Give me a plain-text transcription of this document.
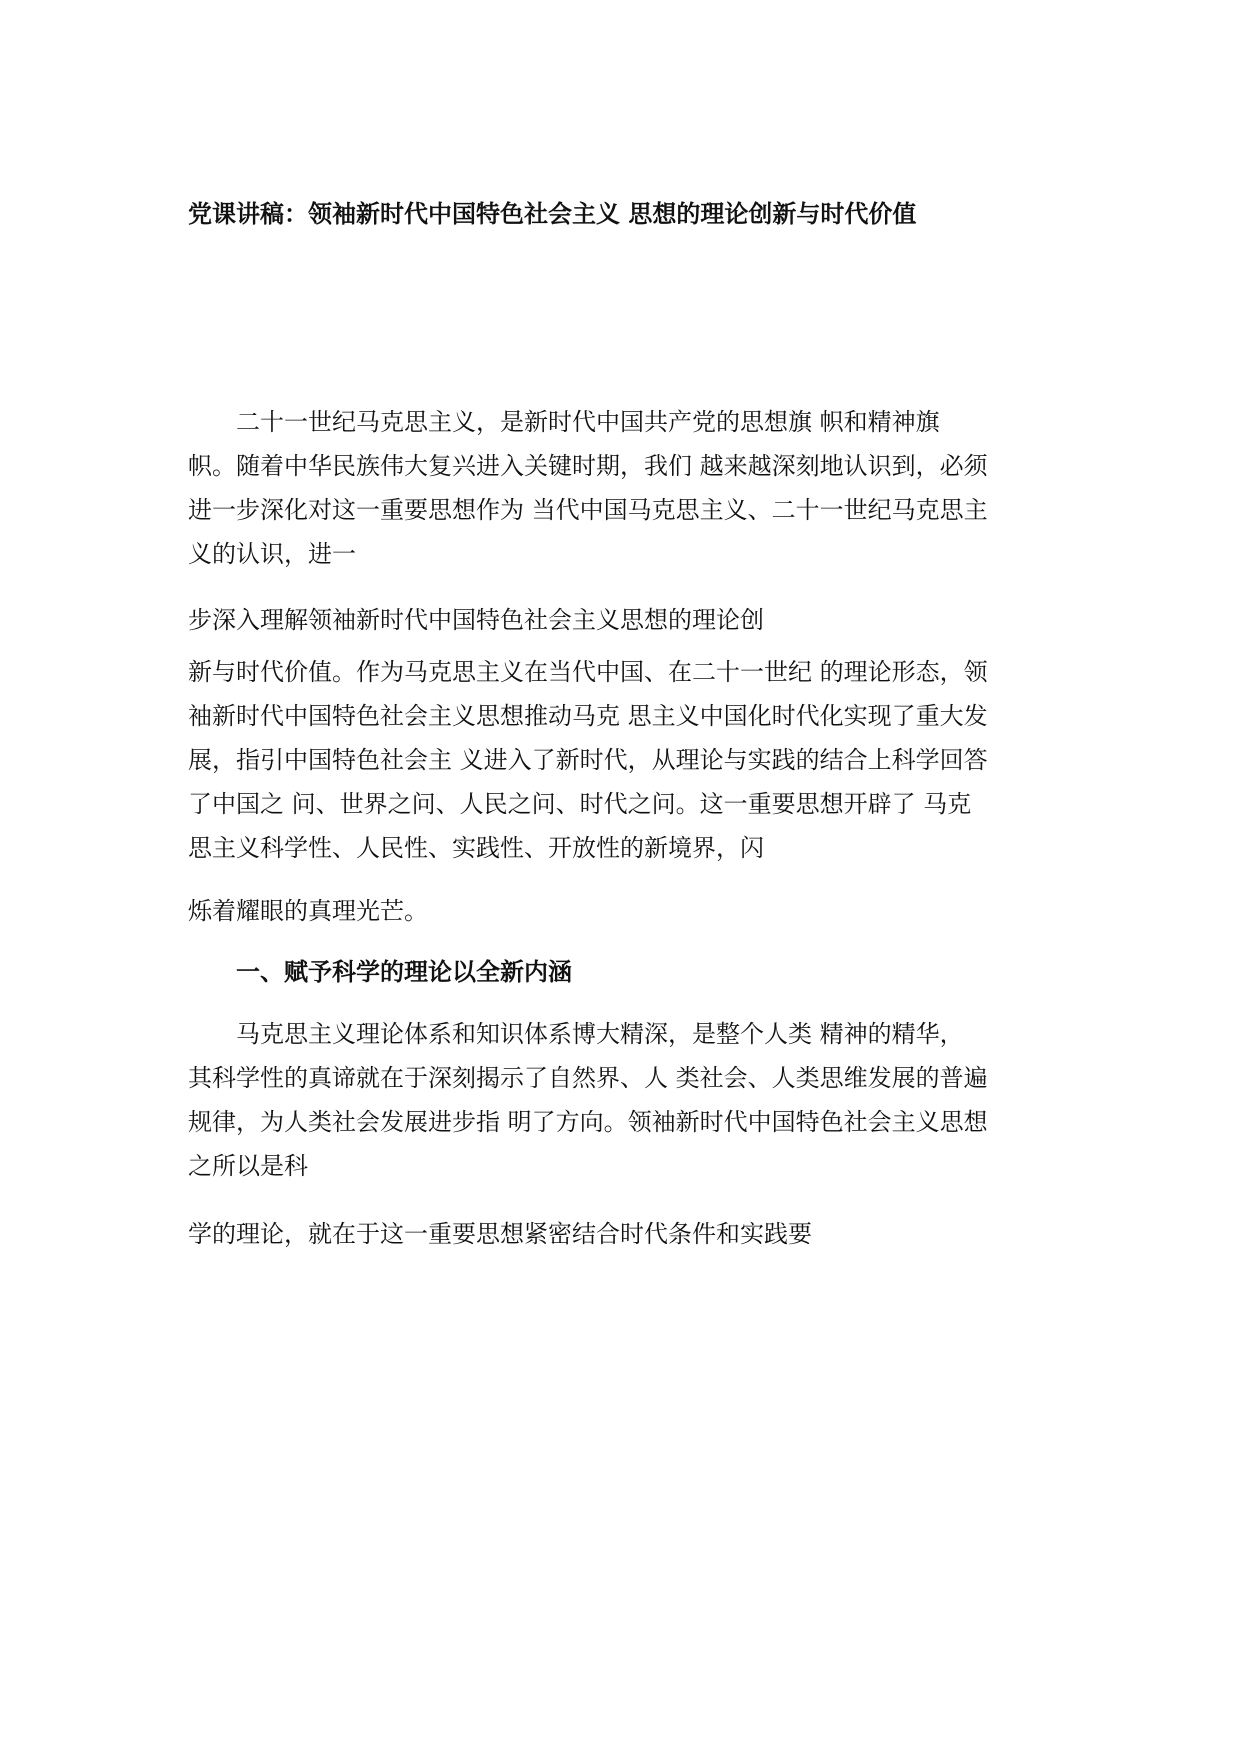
党课讲稿：领袖新时代中国特色社会主义 思想的理论创新与时代价值
二十一世纪马克思主义，是新时代中国共产党的思想旗 帜和精神旗
帜。随着中华民族伟大复兴进入关键时期，我们 越来越深刻地认识到，必须
进一步深化对这一重要思想作为 当代中国马克思主义、二十一世纪马克思主
义的认识，进一
步深入理解领袖新时代中国特色社会主义思想的理论创
新与时代价值。作为马克思主义在当代中国、在二十一世纪 的理论形态，领
袖新时代中国特色社会主义思想推动马克 思主义中国化时代化实现了重大发
展，指引中国特色社会主 义进入了新时代，从理论与实践的结合上科学回答
了中国之 问、世界之问、人民之问、时代之问。这一重要思想开辟了 马克
思主义科学性、人民性、实践性、开放性的新境界，闪
烁着耀眼的真理光芒。
一、赋予科学的理论以全新内涵
马克思主义理论体系和知识体系博大精深，是整个人类 精神的精华，
其科学性的真谛就在于深刻揭示了自然界、人 类社会、人类思维发展的普遍
规律，为人类社会发展进步指 明了方向。领袖新时代中国特色社会主义思想
之所以是科
学的理论，就在于这一重要思想紧密结合时代条件和实践要
